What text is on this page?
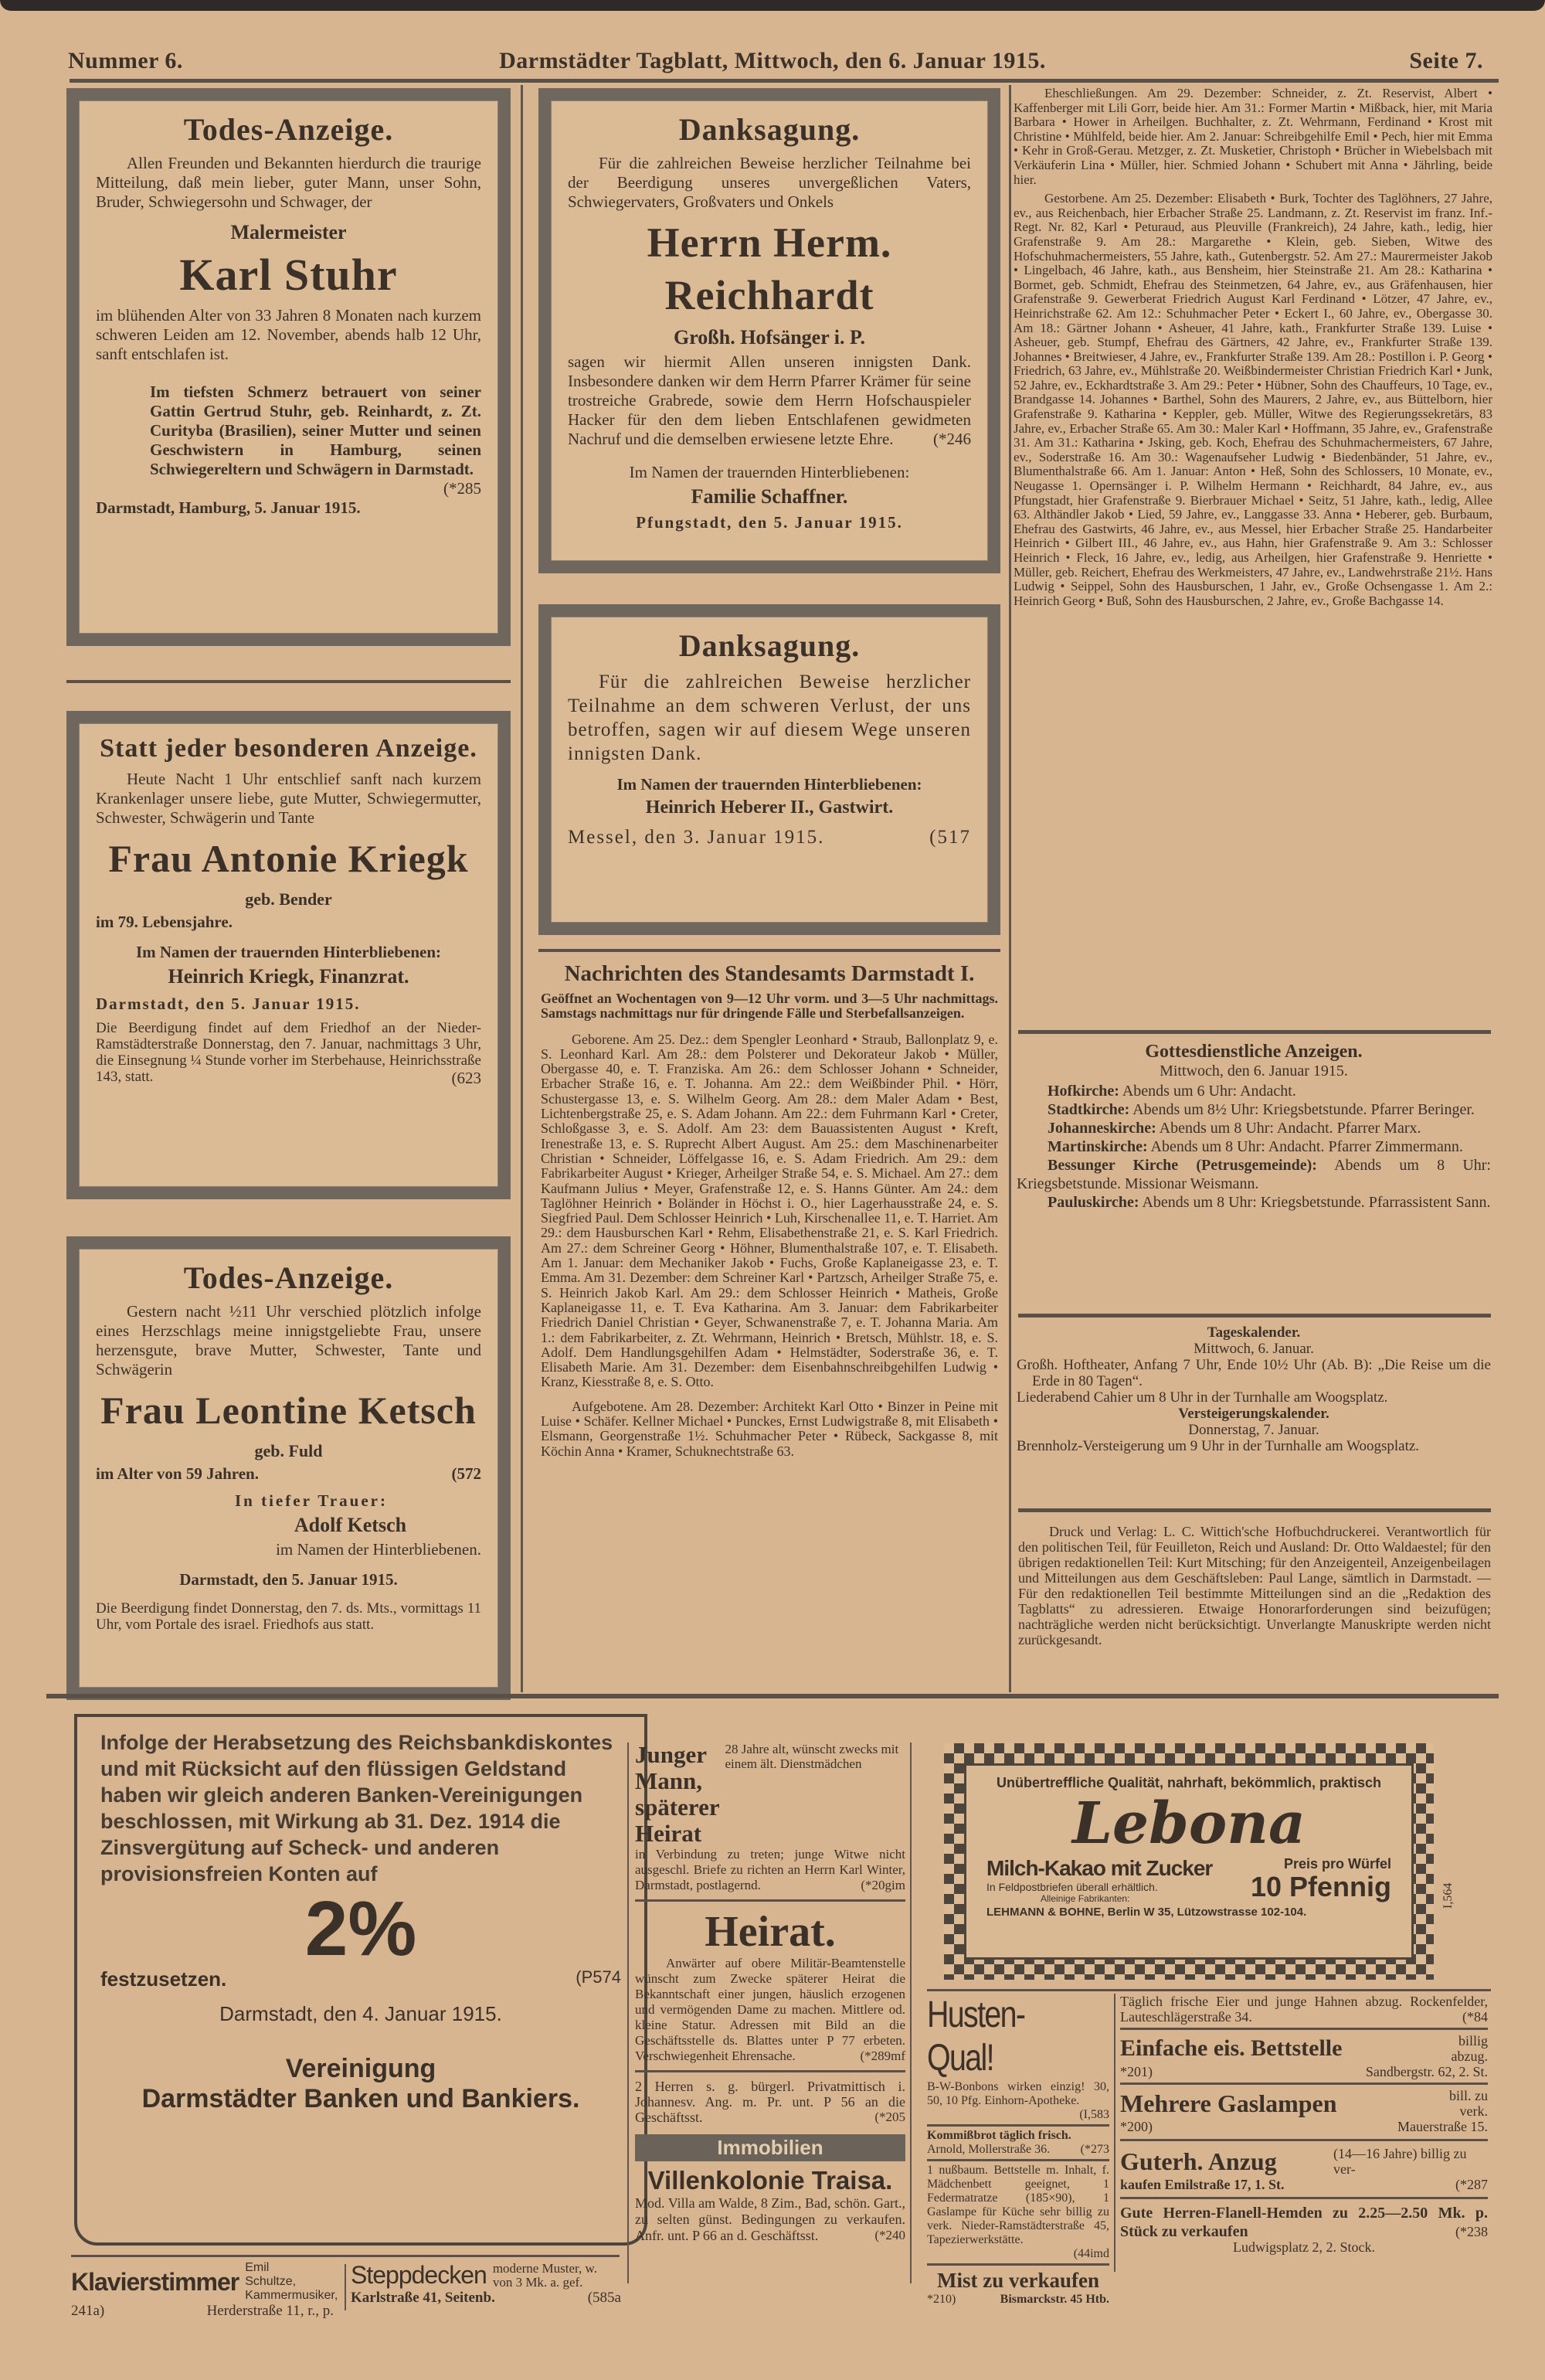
Nummer 6.	Darmstädter Tagblatt, Mittwoch, den 6. Januar 1915.	Seite 7.
Todes-Anzeige.

Allen Freunden und Bekannten hierdurch die traurige Mitteilung, daß mein lieber, guter Mann, unser Sohn, Bruder, Schwiegersohn und Schwager, der

Malermeister
Karl Stuhr

im blühenden Alter von 33 Jahren 8 Monaten nach kurzem schweren Leiden am 12. November, abends halb 12 Uhr, sanft entschlafen ist.

Im tiefsten Schmerz betrauert von seiner Gattin Gertrud Stuhr, geb. Reinhardt, z. Zt. Curityba (Brasilien), seiner Mutter und seinen Geschwistern in Hamburg, seinen Schwiegereltern und Schwägern in Darmstadt.

(*285
Darmstadt, Hamburg, 5. Januar 1915.
Statt jeder besonderen Anzeige.

Heute Nacht 1 Uhr entschlief sanft nach kurzem Krankenlager unsere liebe, gute Mutter, Schwiegermutter, Schwester, Schwägerin und Tante

Frau Antonie Kriegk
geb. Bender
im 79. Lebensjahre.
Im Namen der trauernden Hinterbliebenen:
Heinrich Kriegk, Finanzrat.
Darmstadt, den 5. Januar 1915.

Die Beerdigung findet auf dem Friedhof an der Nieder-Ramstädterstraße Donnerstag, den 7. Januar, nachmittags 3 Uhr, die Einsegnung ¼ Stunde vorher im Sterbehause, Heinrichsstraße 143, statt.	(623
Todes-Anzeige.

Gestern nacht ½11 Uhr verschied plötzlich infolge eines Herzschlags meine innigstgeliebte Frau, unsere herzensgute, brave Mutter, Schwester, Tante und Schwägerin

Frau Leontine Ketsch
geb. Fuld
im Alter von 59 Jahren.	(572
In tiefer Trauer:
Adolf Ketsch
im Namen der Hinterbliebenen.
Darmstadt, den 5. Januar 1915.

Die Beerdigung findet Donnerstag, den 7. ds. Mts., vormittags 11 Uhr, vom Portale des israel. Friedhofs aus statt.

Danksagung.

Für die zahlreichen Beweise herzlicher Teilnahme bei der Beerdigung unseres unvergeßlichen Vaters, Schwiegervaters, Großvaters und Onkels

Herrn Herm. Reichhardt
Großh. Hofsänger i. P.

sagen wir hiermit Allen unseren innigsten Dank. Insbesondere danken wir dem Herrn Pfarrer Krämer für seine trostreiche Grabrede, sowie dem Herrn Hofschauspieler Hacker für den dem lieben Entschlafenen gewidmeten Nachruf und die demselben erwiesene letzte Ehre.	(*246
Im Namen der trauernden Hinterbliebenen:
Familie Schaffner.
Pfungstadt, den 5. Januar 1915.
Danksagung.

Für die zahlreichen Beweise herzlicher Teilnahme an dem schweren Verlust, der uns betroffen, sagen wir auf diesem Wege unseren innigsten Dank.

Im Namen der trauernden Hinterbliebenen:
Heinrich Heberer II., Gastwirt.
Messel, den 3. Januar 1915.	(517
Nachrichten des Standesamts Darmstadt I.

Geöffnet an Wochentagen von 9—12 Uhr vorm. und 3—5 Uhr nachmittags. Samstags nachmittags nur für dringende Fälle und Sterbefallsanzeigen.

Geborene. Am 25. Dez.: dem Spengler Leonhard • Straub, Ballonplatz 9, e. S. Leonhard Karl. Am 28.: dem Polsterer und Dekorateur Jakob • Müller, Obergasse 40, e. T. Franziska. Am 26.: dem Schlosser Johann • Schneider, Erbacher Straße 16, e. T. Johanna. Am 22.: dem Weißbinder Phil. • Hörr, Schustergasse 13, e. S. Wilhelm Georg. Am 28.: dem Maler Adam • Best, Lichtenbergstraße 25, e. S. Adam Johann. Am 22.: dem Fuhrmann Karl • Creter, Schloßgasse 3, e. S. Adolf. Am 23: dem Bauassistenten August • Kreft, Irenestraße 13, e. S. Ruprecht Albert August. Am 25.: dem Maschinenarbeiter Christian • Schneider, Löffelgasse 16, e. S. Adam Friedrich. Am 29.: dem Fabrikarbeiter August • Krieger, Arheilger Straße 54, e. S. Michael. Am 27.: dem Kaufmann Julius • Meyer, Grafenstraße 12, e. S. Hanns Günter. Am 24.: dem Taglöhner Heinrich • Boländer in Höchst i. O., hier Lagerhausstraße 24, e. S. Siegfried Paul. Dem Schlosser Heinrich • Luh, Kirschenallee 11, e. T. Harriet. Am 29.: dem Hausburschen Karl • Rehm, Elisabethenstraße 21, e. S. Karl Friedrich. Am 27.: dem Schreiner Georg • Höhner, Blumenthalstraße 107, e. T. Elisabeth. Am 1. Januar: dem Mechaniker Jakob • Fuchs, Große Kaplaneigasse 23, e. T. Emma. Am 31. Dezember: dem Schreiner Karl • Partzsch, Arheilger Straße 75, e. S. Heinrich Jakob Karl. Am 29.: dem Schlosser Heinrich • Matheis, Große Kaplaneigasse 11, e. T. Eva Katharina. Am 3. Januar: dem Fabrikarbeiter Friedrich Daniel Christian • Geyer, Schwanenstraße 7, e. T. Johanna Maria. Am 1.: dem Fabrikarbeiter, z. Zt. Wehrmann, Heinrich • Bretsch, Mühlstr. 18, e. S. Adolf. Dem Handlungsgehilfen Adam • Helmstädter, Soderstraße 36, e. T. Elisabeth Marie. Am 31. Dezember: dem Eisenbahnschreibgehilfen Ludwig • Kranz, Kiesstraße 8, e. S. Otto.

Aufgebotene. Am 28. Dezember: Architekt Karl Otto • Binzer in Peine mit Luise • Schäfer. Kellner Michael • Punckes, Ernst Ludwigstraße 8, mit Elisabeth • Elsmann, Georgenstraße 1½. Schuhmacher Peter • Rübeck, Sackgasse 8, mit Köchin Anna • Kramer, Schuknechtstraße 63.

Eheschließungen. Am 29. Dezember: Schneider, z. Zt. Reservist, Albert • Kaffenberger mit Lili Gorr, beide hier. Am 31.: Former Martin • Mißback, hier, mit Maria Barbara • Hower in Arheilgen. Buchhalter, z. Zt. Wehrmann, Ferdinand • Krost mit Christine • Mühlfeld, beide hier. Am 2. Januar: Schreibgehilfe Emil • Pech, hier mit Emma • Kehr in Groß-Gerau. Metzger, z. Zt. Musketier, Christoph • Brücher in Wiebelsbach mit Verkäuferin Lina • Müller, hier. Schmied Johann • Schubert mit Anna • Jährling, beide hier.

Gestorbene. Am 25. Dezember: Elisabeth • Burk, Tochter des Taglöhners, 27 Jahre, ev., aus Reichenbach, hier Erbacher Straße 25. Landmann, z. Zt. Reservist im franz. Inf.-Regt. Nr. 82, Karl • Peturaud, aus Pleuville (Frankreich), 24 Jahre, kath., ledig, hier Grafenstraße 9. Am 28.: Margarethe • Klein, geb. Sieben, Witwe des Hofschuhmachermeisters, 55 Jahre, kath., Gutenbergstr. 52. Am 27.: Maurermeister Jakob • Lingelbach, 46 Jahre, kath., aus Bensheim, hier Steinstraße 21. Am 28.: Katharina • Bormet, geb. Schmidt, Ehefrau des Steinmetzen, 64 Jahre, ev., aus Gräfenhausen, hier Grafenstraße 9. Gewerberat Friedrich August Karl Ferdinand • Lötzer, 47 Jahre, ev., Heinrichstraße 62. Am 12.: Schuhmacher Peter • Eckert I., 60 Jahre, ev., Obergasse 30. Am 18.: Gärtner Johann • Asheuer, 41 Jahre, kath., Frankfurter Straße 139. Luise • Asheuer, geb. Stumpf, Ehefrau des Gärtners, 42 Jahre, ev., Frankfurter Straße 139. Johannes • Breitwieser, 4 Jahre, ev., Frankfurter Straße 139. Am 28.: Postillon i. P. Georg • Friedrich, 63 Jahre, ev., Mühlstraße 20. Weißbindermeister Christian Friedrich Karl • Junk, 52 Jahre, ev., Eckhardtstraße 3. Am 29.: Peter • Hübner, Sohn des Chauffeurs, 10 Tage, ev., Brandgasse 14. Johannes • Barthel, Sohn des Maurers, 2 Jahre, ev., aus Büttelborn, hier Grafenstraße 9. Katharina • Keppler, geb. Müller, Witwe des Regierungssekretärs, 83 Jahre, ev., Erbacher Straße 65. Am 30.: Maler Karl • Hoffmann, 35 Jahre, ev., Grafenstraße 31. Am 31.: Katharina • Jsking, geb. Koch, Ehefrau des Schuhmachermeisters, 67 Jahre, ev., Soderstraße 16. Am 30.: Wagenaufseher Ludwig • Biedenbänder, 51 Jahre, ev., Blumenthalstraße 66. Am 1. Januar: Anton • Heß, Sohn des Schlossers, 10 Monate, ev., Neugasse 1. Opernsänger i. P. Wilhelm Hermann • Reichhardt, 84 Jahre, ev., aus Pfungstadt, hier Grafenstraße 9. Bierbrauer Michael • Seitz, 51 Jahre, kath., ledig, Allee 63. Althändler Jakob • Lied, 59 Jahre, ev., Langgasse 33. Anna • Heberer, geb. Burbaum, Ehefrau des Gastwirts, 46 Jahre, ev., aus Messel, hier Erbacher Straße 25. Handarbeiter Heinrich • Gilbert III., 46 Jahre, ev., aus Hahn, hier Grafenstraße 9. Am 3.: Schlosser Heinrich • Fleck, 16 Jahre, ev., ledig, aus Arheilgen, hier Grafenstraße 9. Henriette • Müller, geb. Reichert, Ehefrau des Werkmeisters, 47 Jahre, ev., Landwehrstraße 21½. Hans Ludwig • Seippel, Sohn des Hausburschen, 1 Jahr, ev., Große Ochsengasse 1. Am 2.: Heinrich Georg • Buß, Sohn des Hausburschen, 2 Jahre, ev., Große Bachgasse 14.

Gottesdienstliche Anzeigen.
Mittwoch, den 6. Januar 1915.

Hofkirche: Abends um 6 Uhr: Andacht.

Stadtkirche: Abends um 8½ Uhr: Kriegsbetstunde. Pfarrer Beringer.

Johanneskirche: Abends um 8 Uhr: Andacht. Pfarrer Marx.

Martinskirche: Abends um 8 Uhr: Andacht. Pfarrer Zimmermann.

Bessunger Kirche (Petrusgemeinde): Abends um 8 Uhr: Kriegsbetstunde. Missionar Weismann.

Pauluskirche: Abends um 8 Uhr: Kriegsbetstunde. Pfarrassistent Sann.

Tageskalender.
Mittwoch, 6. Januar.

Großh. Hoftheater, Anfang 7 Uhr, Ende 10½ Uhr (Ab. B): „Die Reise um die Erde in 80 Tagen“.

Liederabend Cahier um 8 Uhr in der Turnhalle am Woogsplatz.

Versteigerungskalender.
Donnerstag, 7. Januar.

Brennholz-Versteigerung um 9 Uhr in der Turnhalle am Woogsplatz.

Druck und Verlag: L. C. Wittich'sche Hofbuchdruckerei. Verantwortlich für den politischen Teil, für Feuilleton, Reich und Ausland: Dr. Otto Waldaestel; für den übrigen redaktionellen Teil: Kurt Mitsching; für den Anzeigenteil, Anzeigenbeilagen und Mitteilungen aus dem Geschäftsleben: Paul Lange, sämtlich in Darmstadt. — Für den redaktionellen Teil bestimmte Mitteilungen sind an die „Redaktion des Tagblatts“ zu adressieren. Etwaige Honorarforderungen sind beizufügen; nachträgliche werden nicht berücksichtigt. Unverlangte Manuskripte werden nicht zurückgesandt.

Infolge der Herabsetzung des Reichsbankdiskontes und mit Rücksicht auf den flüssigen Geldstand haben wir gleich anderen Banken-Vereinigungen beschlossen, mit Wirkung ab 31. Dez. 1914 die Zinsvergütung auf Scheck- und anderen provisionsfreien Konten auf

2%
festzusetzen.	(P574
Darmstadt, den 4. Januar 1915.
Vereinigung
Darmstädter Banken und Bankiers.
Klavierstimmer Emil Schultze, Kammermusiker,
241a)	Herderstraße 11, r., p.
Steppdecken moderne Muster, w. von 3 Mk. a. gef.
Karlstraße 41, Seitenb.	(585a
Junger Mann, späterer Heirat
28 Jahre alt, wünscht zwecks mit einem ält. Dienstmädchen

in Verbindung zu treten; junge Witwe nicht ausgeschl. Briefe zu richten an Herrn Karl Winter, Darmstadt, postlagernd.	(*20gim
Heirat.

Anwärter auf obere Militär-Beamtenstelle wünscht zum Zwecke späterer Heirat die Bekanntschaft einer jungen, häuslich erzogenen und vermögenden Dame zu machen. Mittlere od. kleine Statur. Adressen mit Bild an die Geschäftsstelle ds. Blattes unter P 77 erbeten. Verschwiegenheit Ehrensache.	(*289mf

2 Herren s. g. bürgerl. Privatmittisch i. Johannesv. Ang. m. Pr. unt. P 56 an die Geschäftsst.	(*205
Immobilien
Villenkolonie Traisa.

Mod. Villa am Walde, 8 Zim., Bad, schön. Gart., zu selten günst. Bedingungen zu verkaufen. Anfr. unt. P 66 an d. Geschäftsst.	(*240
Unübertreffliche Qualität, nahrhaft, bekömmlich, praktisch
Lebona
Milch-Kakao mit Zucker
In Feldpostbriefen überall erhältlich.
Alleinige Fabrikanten:
Preis pro Würfel
10 Pfennig
LEHMANN & BOHNE, Berlin W 35, Lützowstrasse 102-104.
I,564
Husten-Qual!

B-W-Bonbons wirken einzig! 30, 50, 10 Pfg. Einhorn-Apotheke.

(I,583
Kommißbrot täglich frisch.
Arnold, Mollerstraße 36. (*273

1 nußbaum. Bettstelle m. Inhalt, f. Mädchenbett geeignet, 1 Federmatratze (185×90), 1 Gaslampe für Küche sehr billig zu verk. Nieder-Ramstädterstraße 45, Tapezierwerkstätte.

(44imd
Mist zu verkaufen
*210)	Bismarckstr. 45 Htb.

Täglich frische Eier und junge Hahnen abzug. Rockenfelder, Lauteschlägerstraße 34.	(*84
Einfache eis. Bettstelle	billig abzug.
*201)	Sandbergstr. 62, 2. St.
Mehrere Gaslampen	bill. zu verk.
*200)	Mauerstraße 15.
Guterh. Anzug	(14—16 Jahre) billig zu ver-
kaufen Emilstraße 17, 1. St.	(*287

Gute Herren-Flanell-Hemden zu 2.25—2.50 Mk. p. Stück zu verkaufen	(*238
Ludwigsplatz 2, 2. Stock.
